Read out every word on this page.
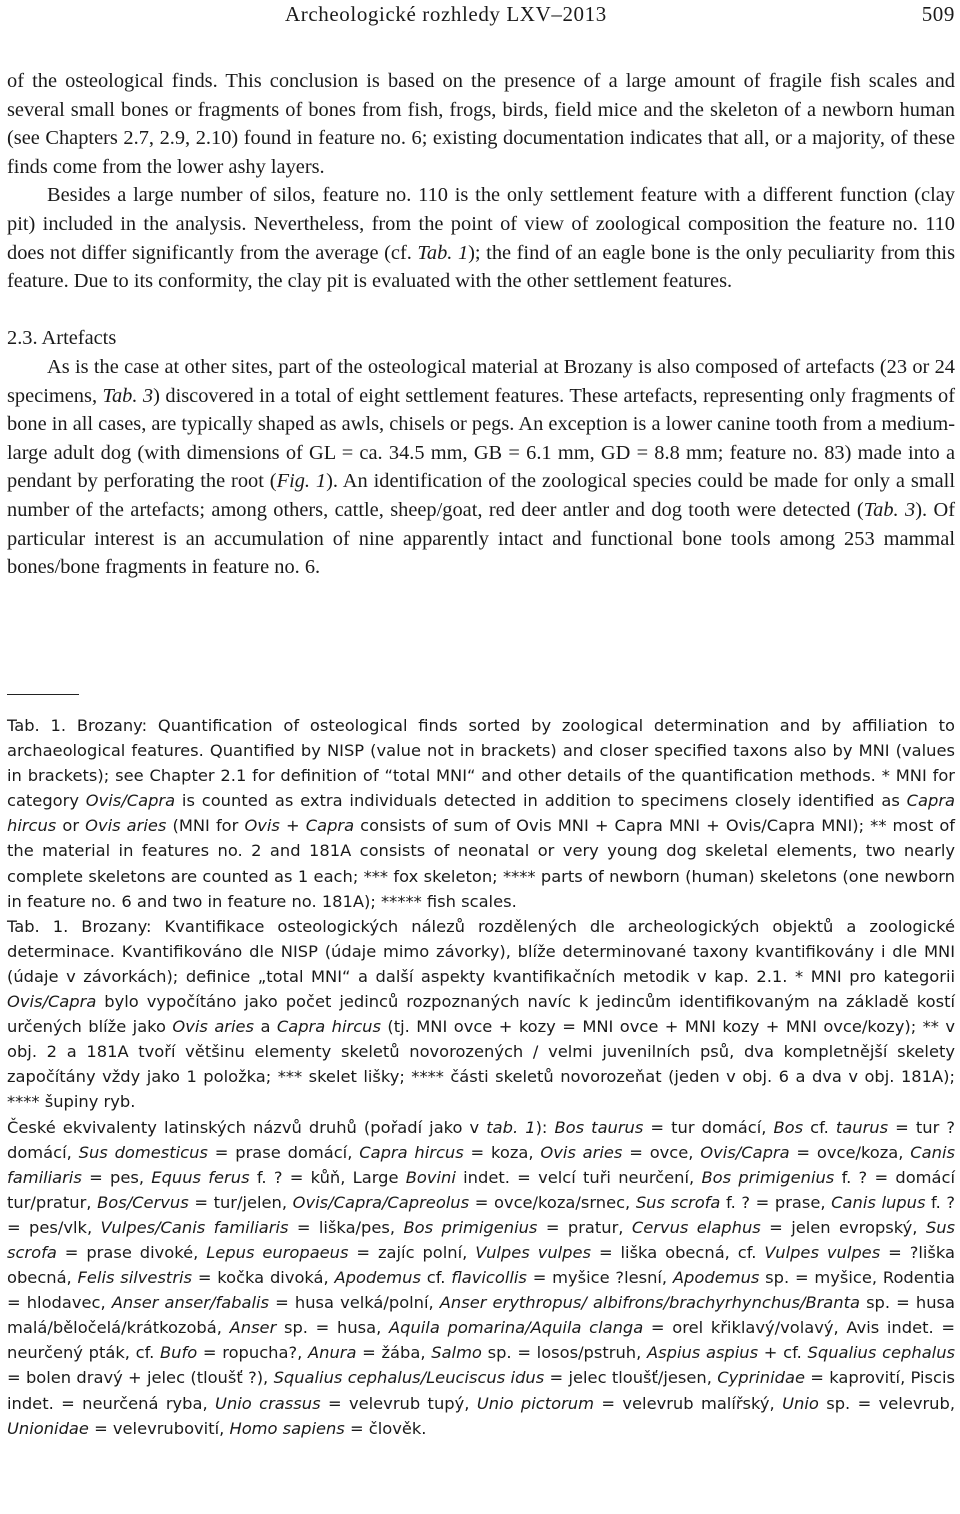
Archeologické rozhledy LXV–2013	509

of the osteological finds. This conclusion is based on the presence of a large amount of fragile fish scales and several small bones or fragments of bones from fish, frogs, birds, field mice and the skeleton of a newborn human (see Chapters 2.7, 2.9, 2.10) found in feature no. 6; existing documentation indicates that all, or a majority, of these finds come from the lower ashy layers.

Besides a large number of silos, feature no. 110 is the only settlement feature with a different function (clay pit) included in the analysis. Nevertheless, from the point of view of zoological composition the feature no. 110 does not differ significantly from the average (cf. Tab. 1); the find of an eagle bone is the only peculiarity from this feature. Due to its conformity, the clay pit is evaluated with the other settlement features.

2.3. Artefacts

As is the case at other sites, part of the osteological material at Brozany is also composed of artefacts (23 or 24 specimens, Tab. 3) discovered in a total of eight settlement features. These artefacts, representing only fragments of bone in all cases, are typically shaped as awls, chisels or pegs. An exception is a lower canine tooth from a medium-large adult dog (with dimensions of GL = ca. 34.5 mm, GB = 6.1 mm, GD = 8.8 mm; feature no. 83) made into a pendant by perforating the root (Fig. 1). An identification of the zoological species could be made for only a small number of the artefacts; among others, cattle, sheep/goat, red deer antler and dog tooth were detected (Tab. 3). Of particular interest is an accumulation of nine apparently intact and functional bone tools among 253 mammal bones/bone fragments in feature no. 6.

Tab. 1. Brozany: Quantification of osteological finds sorted by zoological determination and by affiliation to archaeological features. Quantified by NISP (value not in brackets) and closer specified taxons also by MNI (values in brackets); see Chapter 2.1 for definition of “total MNI“ and other details of the quantification methods. * MNI for category Ovis/Capra is counted as extra individuals detected in addition to specimens closely identified as Capra hircus or Ovis aries (MNI for Ovis + Capra consists of sum of Ovis MNI + Capra MNI + Ovis/Capra MNI); ** most of the material in features no. 2 and 181A consists of neonatal or very young dog skeletal elements, two nearly complete skeletons are counted as 1 each; *** fox skeleton; **** parts of newborn (human) skeletons (one newborn in feature no. 6 and two in feature no. 181A); ***** fish scales.

Tab. 1. Brozany: Kvantifikace osteologických nálezů rozdělených dle archeologických objektů a zoologické determinace. Kvantifikováno dle NISP (údaje mimo závorky), blíže determinované taxony kvantifikovány i dle MNI (údaje v závorkách); definice „total MNI“ a další aspekty kvantifikačních metodik v kap. 2.1. * MNI pro kategorii Ovis/Capra bylo vypočítáno jako počet jedinců rozpoznaných navíc k jedincům identifikovaným na základě kostí určených blíže jako Ovis aries a Capra hircus (tj. MNI ovce + kozy = MNI ovce + MNI kozy + MNI ovce/kozy); ** v obj. 2 a 181A tvoří většinu elementy skeletů novorozených / velmi juvenilních psů, dva kompletnější skelety započítány vždy jako 1 položka; *** skelet lišky; **** části skeletů novorozeňat (jeden v obj. 6 a dva v obj. 181A); **** šupiny ryb.

České ekvivalenty latinských názvů druhů (pořadí jako v tab. 1): Bos taurus = tur domácí, Bos cf. taurus = tur ?domácí, Sus domesticus = prase domácí, Capra hircus = koza, Ovis aries = ovce, Ovis/Capra = ovce/koza, Canis familiaris = pes, Equus ferus f. ? = kůň, Large Bovini indet. = velcí tuři neurčení, Bos primigenius f. ? = domácí tur/pratur, Bos/Cervus = tur/jelen, Ovis/Capra/Capreolus = ovce/koza/srnec, Sus scrofa f. ? = prase, Canis lupus f. ? = pes/vlk, Vulpes/Canis familiaris = liška/pes, Bos primigenius = pratur, Cervus elaphus = jelen evropský, Sus scrofa = prase divoké, Lepus europaeus = zajíc polní, Vulpes vulpes = liška obecná, cf. Vulpes vulpes = ?liška obecná, Felis silvestris = kočka divoká, Apodemus cf. flavicollis = myšice ?lesní, Apodemus sp. = myšice, Rodentia = hlodavec, Anser anser/fabalis = husa velká/polní, Anser erythropus/ albifrons/brachyrhynchus/Branta sp. = husa malá/běločelá/krátkozobá, Anser sp. = husa, Aquila pomarina/Aquila clanga = orel křiklavý/volavý, Avis indet. = neurčený pták, cf. Bufo = ropucha?, Anura = žába, Salmo sp. = losos/pstruh, Aspius aspius + cf. Squalius cephalus = bolen dravý + jelec (tloušť ?), Squalius cephalus/Leuciscus idus = jelec tloušť/jesen, Cyprinidae = kaprovití, Piscis indet. = neurčená ryba, Unio crassus = velevrub tupý, Unio pictorum = velevrub malířský, Unio sp. = velevrub, Unionidae = velevrubovití, Homo sapiens = člověk.
